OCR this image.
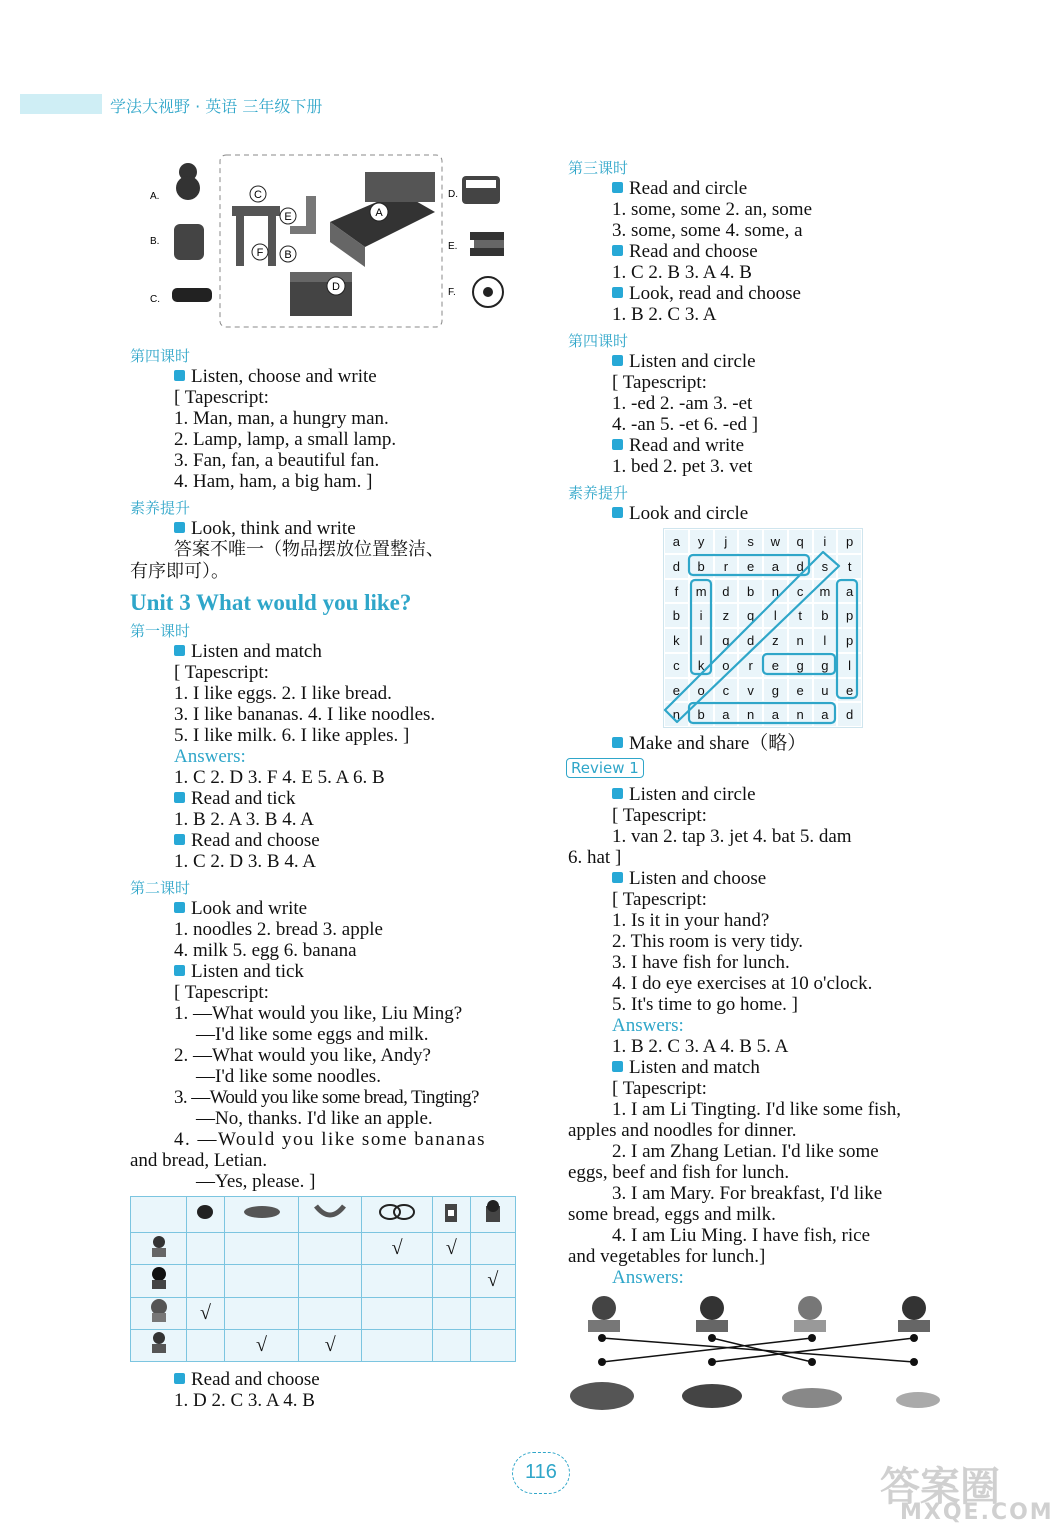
学法大视野 · 英语 三年级下册
A.
B.
C.
D.
E.
F.
C
E	A
F B
D
第四课时
Listen, choose and write
[ Tapescript:
1. Man, man, a hungry man.
2. Lamp, lamp, a small lamp.
3. Fan, fan, a beautiful fan.
4. Ham, ham, a big ham. ]
素养提升
Look, think and write
答案不唯一（物品摆放位置整洁、
有序即可）。
Unit 3 What would you like?
第一课时
Listen and match
[ Tapescript:
1. I like eggs. 2. I like bread.
3. I like bananas. 4. I like noodles.
5. I like milk. 6. I like apples. ]
Answers:
1. C 2. D 3. F 4. E 5. A 6. B
Read and tick
1. B 2. A 3. B 4. A
Read and choose
1. C 2. D 3. B 4. A
第二课时
Look and write
1. noodles 2. bread 3. apple
4. milk 5. egg 6. banana
Listen and tick
[ Tapescript:
1. —What would you like, Liu Ming?
—I'd like some eggs and milk.
2. —What would you like, Andy?
—I'd like some noodles.
3. —Would you like some bread, Tingting?
—No, thanks. I'd like an apple.
4. —Would you like some bananas
and bread, Letian.
—Yes, please. ]

				√	√	
						√
	√					
		√	√			
Read and choose
1. D 2. C 3. A 4. B
第三课时
Read and circle
1. some, some 2. an, some
3. some, some 4. some, a
Read and choose
1. C 2. B 3. A 4. B
Look, read and choose
1. B 2. C 3. A
第四课时
Listen and circle
[ Tapescript:
1. -ed 2. -am 3. -et
4. -an 5. -et 6. -ed ]
Read and write
1. bed 2. pet 3. vet
素养提升
Look and circle
a	y	j	s	w	q	i	p
d	b	r	e	a	d	s	t
f	m	d	b	n	c	m	a
b	i	z	q	l	t	b	p
k	l	q	d	z	n	l	p
c	k	o	r	e	g	g	l
e	o	c	v	g	e	u	e
n	b	a	n	a	n	a	d
Make and share（略）
Review 1
Listen and circle
[ Tapescript:
1. van 2. tap 3. jet 4. bat 5. dam
6. hat ]
Listen and choose
[ Tapescript:
1. Is it in your hand?
2. This room is very tidy.
3. I have fish for lunch.
4. I do eye exercises at 10 o'clock.
5. It's time to go home. ]
Answers:
1. B 2. C 3. A 4. B 5. A
Listen and match
[ Tapescript:
1. I am Li Tingting. I'd like some fish,
apples and noodles for dinner.
2. I am Zhang Letian. I'd like some
eggs, beef and fish for lunch.
3. I am Mary. For breakfast, I'd like
some bread, eggs and milk.
4. I am Liu Ming. I have fish, rice
and vegetables for lunch.]
Answers:
116	答案圈
MXQE.COM
